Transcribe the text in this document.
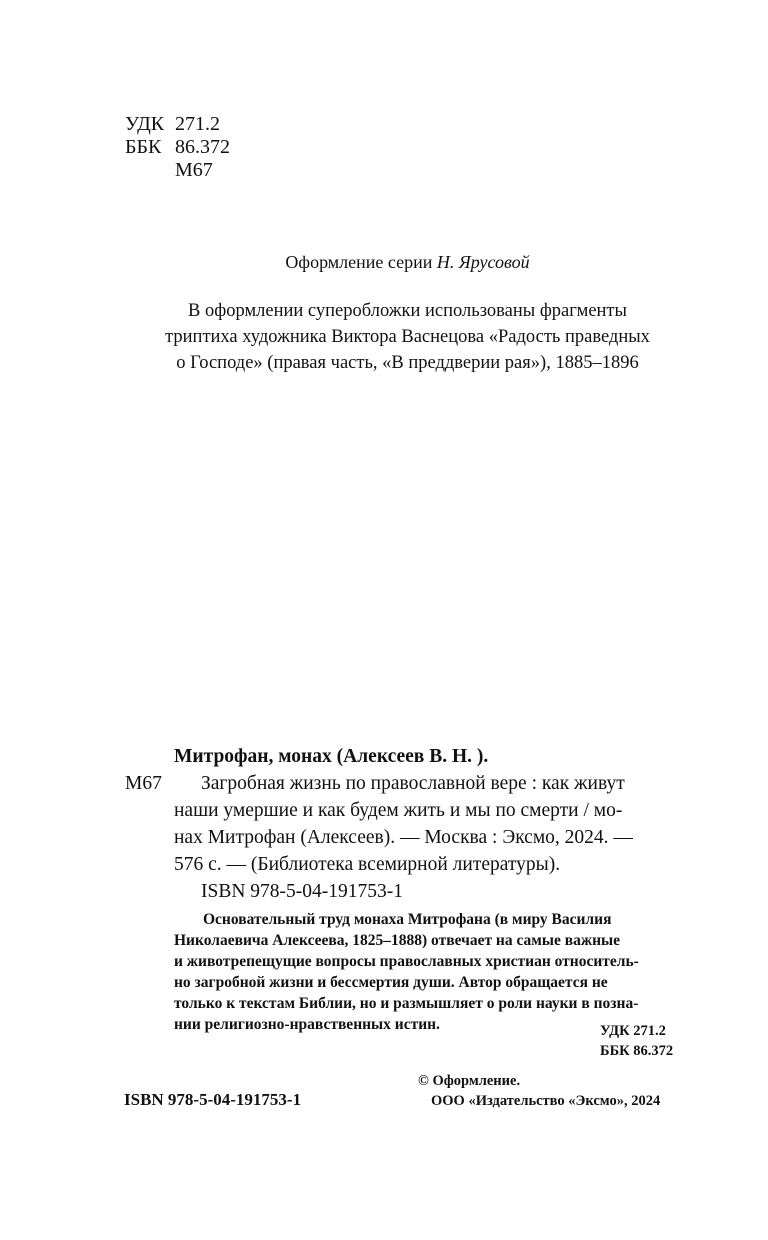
УДК 271.2
ББК 86.372
М67
Оформление серии Н. Ярусовой
В оформлении суперобложки использованы фрагменты
триптиха художника Виктора Васнецова «Радость праведных
о Господе» (правая часть, «В преддверии рая»), 1885–1896
Митрофан, монах (Алексеев В. Н. ).
М67 Загробная жизнь по православной вере : как живут
наши умершие и как будем жить и мы по смерти / мо-
нах Митрофан (Алексеев). — Москва : Эксмо, 2024. —
576 с. — (Библиотека всемирной литературы).
ISBN 978-5-04-191753-1
Основательный труд монаха Митрофана (в миру Василия
Николаевича Алексеева, 1825–1888) отвечает на самые важные
и животрепещущие вопросы православных христиан относитель-
но загробной жизни и бессмертия души. Автор обращается не
только к текстам Библии, но и размышляет о роли науки в позна-
нии религиозно-нравственных истин.	УДК 271.2
ББК 86.372
ISBN 978-5-04-191753-1
© Оформление.
ООО «Издательство «Эксмо», 2024
